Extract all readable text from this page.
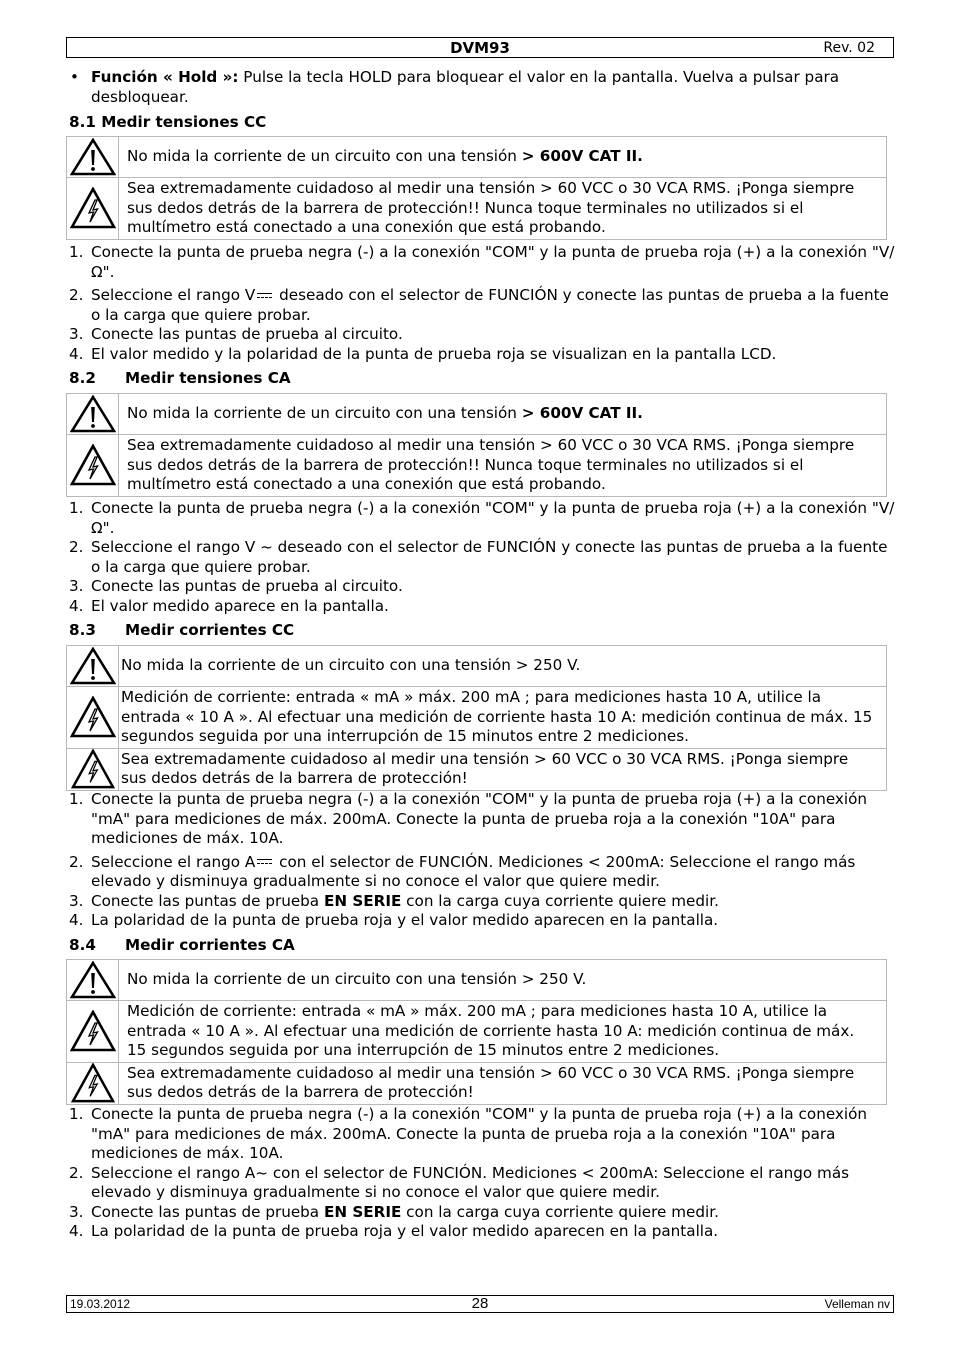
DVM93	Rev. 02
• Función « Hold »: Pulse la tecla HOLD para bloquear el valor en la pantalla. Vuelva a pulsar para desbloquear.
8.1 Medir tensiones CC
	No mida la corriente de un circuito con una tensión > 600V CAT II.

	Sea extremadamente cuidadoso al medir una tensión > 60 VCC o 30 VCA RMS. ¡Ponga siempre sus dedos detrás de la barrera de protección!! Nunca toque terminales no utilizados si el multímetro está conectado a una conexión que está probando.
1. Conecte la punta de prueba negra (-) a la conexión "COM" y la punta de prueba roja (+) a la conexión "V/Ω".
2. Seleccione el rango V deseado con el selector de FUNCIÓN y conecte las puntas de prueba a la fuente o la carga que quiere probar.
3. Conecte las puntas de prueba al circuito.
4. El valor medido y la polaridad de la punta de prueba roja se visualizan en la pantalla LCD.
8.2 Medir tensiones CA
	No mida la corriente de un circuito con una tensión > 600V CAT II.

	Sea extremadamente cuidadoso al medir una tensión > 60 VCC o 30 VCA RMS. ¡Ponga siempre sus dedos detrás de la barrera de protección!! Nunca toque terminales no utilizados si el multímetro está conectado a una conexión que está probando.
1. Conecte la punta de prueba negra (-) a la conexión "COM" y la punta de prueba roja (+) a la conexión "V/Ω".
2. Seleccione el rango V ~ deseado con el selector de FUNCIÓN y conecte las puntas de prueba a la fuente o la carga que quiere probar.
3. Conecte las puntas de prueba al circuito.
4. El valor medido aparece en la pantalla.
8.3 Medir corrientes CC
	No mida la corriente de un circuito con una tensión > 250 V.

	Medición de corriente: entrada « mA » máx. 200 mA ; para mediciones hasta 10 A, utilice la entrada « 10 A ». Al efectuar una medición de corriente hasta 10 A: medición continua de máx. 15 segundos seguida por una interrupción de 15 minutos entre 2 mediciones.

	Sea extremadamente cuidadoso al medir una tensión > 60 VCC o 30 VCA RMS. ¡Ponga siempre sus dedos detrás de la barrera de protección!
1. Conecte la punta de prueba negra (-) a la conexión "COM" y la punta de prueba roja (+) a la conexión "mA" para mediciones de máx. 200mA. Conecte la punta de prueba roja a la conexión "10A" para mediciones de máx. 10A.
2. Seleccione el rango A con el selector de FUNCIÓN. Mediciones < 200mA: Seleccione el rango más elevado y disminuya gradualmente si no conoce el valor que quiere medir.
3. Conecte las puntas de prueba EN SERIE con la carga cuya corriente quiere medir.
4. La polaridad de la punta de prueba roja y el valor medido aparecen en la pantalla.
8.4 Medir corrientes CA
	No mida la corriente de un circuito con una tensión > 250 V.

	Medición de corriente: entrada « mA » máx. 200 mA ; para mediciones hasta 10 A, utilice la entrada « 10 A ». Al efectuar una medición de corriente hasta 10 A: medición continua de máx. 15 segundos seguida por una interrupción de 15 minutos entre 2 mediciones.

	Sea extremadamente cuidadoso al medir una tensión > 60 VCC o 30 VCA RMS. ¡Ponga siempre sus dedos detrás de la barrera de protección!
1. Conecte la punta de prueba negra (-) a la conexión "COM" y la punta de prueba roja (+) a la conexión "mA" para mediciones de máx. 200mA. Conecte la punta de prueba roja a la conexión "10A" para mediciones de máx. 10A.
2. Seleccione el rango A~ con el selector de FUNCIÓN. Mediciones < 200mA: Seleccione el rango más elevado y disminuya gradualmente si no conoce el valor que quiere medir.
3. Conecte las puntas de prueba EN SERIE con la carga cuya corriente quiere medir.
4. La polaridad de la punta de prueba roja y el valor medido aparecen en la pantalla.
19.03.2012	28	Velleman nv
